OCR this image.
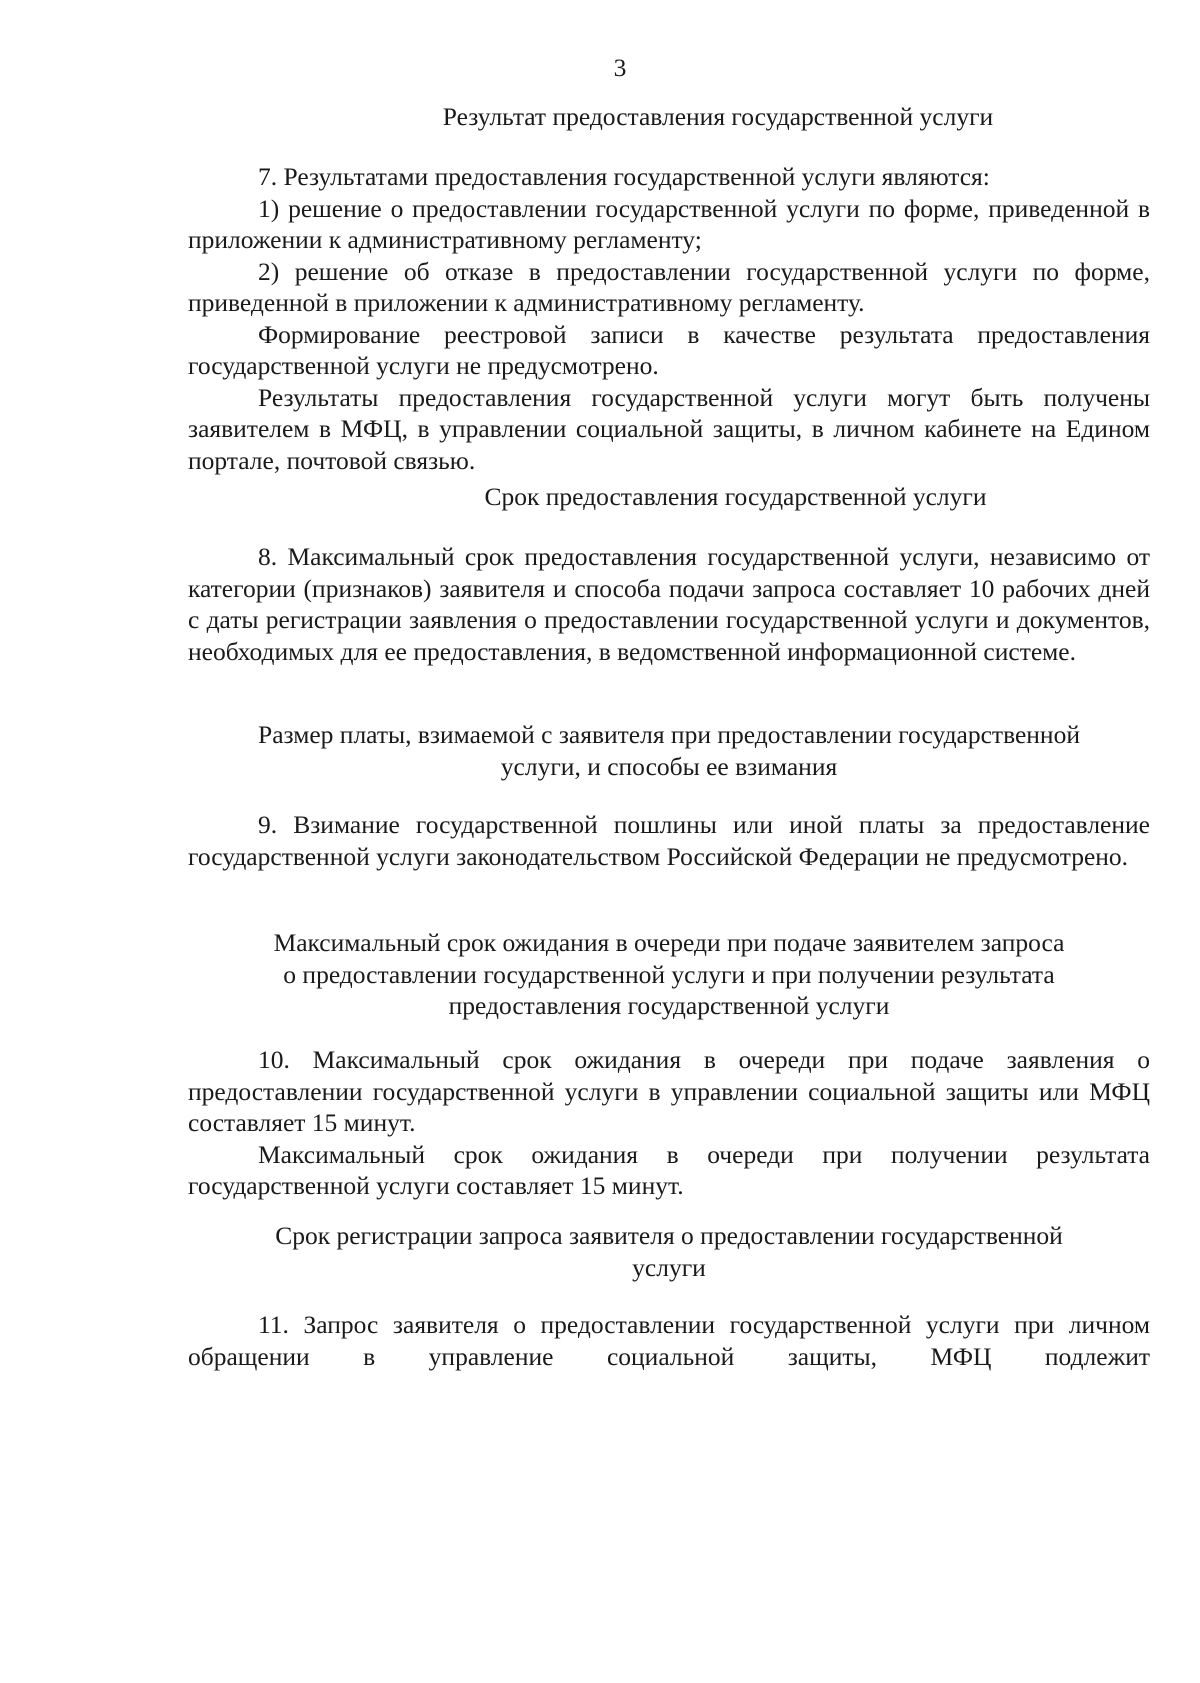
3
Результат предоставления государственной услуги

7. Результатами предоставления государственной услуги являются:

1) решение о предоставлении государственной услуги по форме, приведенной в приложении к административному регламенту;

2) решение об отказе в предоставлении государственной услуги по форме, приведенной в приложении к административному регламенту.

Формирование реестровой записи в качестве результата предоставления государственной услуги не предусмотрено.

Результаты предоставления государственной услуги могут быть получены заявителем в МФЦ, в управлении социальной защиты, в личном кабинете на Едином портале, почтовой связью.

Срок предоставления государственной услуги

8. Максимальный срок предоставления государственной услуги, независимо от категории (признаков) заявителя и способа подачи запроса составляет 10 рабочих дней с даты регистрации заявления о предоставлении государственной услуги и документов, необходимых для ее предоставления, в ведомственной информационной системе.

Размер платы, взимаемой с заявителя при предоставлении государственной
услуги, и способы ее взимания

9. Взимание государственной пошлины или иной платы за предоставление государственной услуги законодательством Российской Федерации не предусмотрено.

Максимальный срок ожидания в очереди при подаче заявителем запроса
о предоставлении государственной услуги и при получении результата
предоставления государственной услуги

10. Максимальный срок ожидания в очереди при подаче заявления о предоставлении государственной услуги в управлении социальной защиты или МФЦ составляет 15 минут.

Максимальный срок ожидания в очереди при получении результата государственной услуги составляет 15 минут.

Срок регистрации запроса заявителя о предоставлении государственной
услуги

11. Запрос заявителя о предоставлении государственной услуги при личном обращении в управление социальной защиты, МФЦ подлежит
